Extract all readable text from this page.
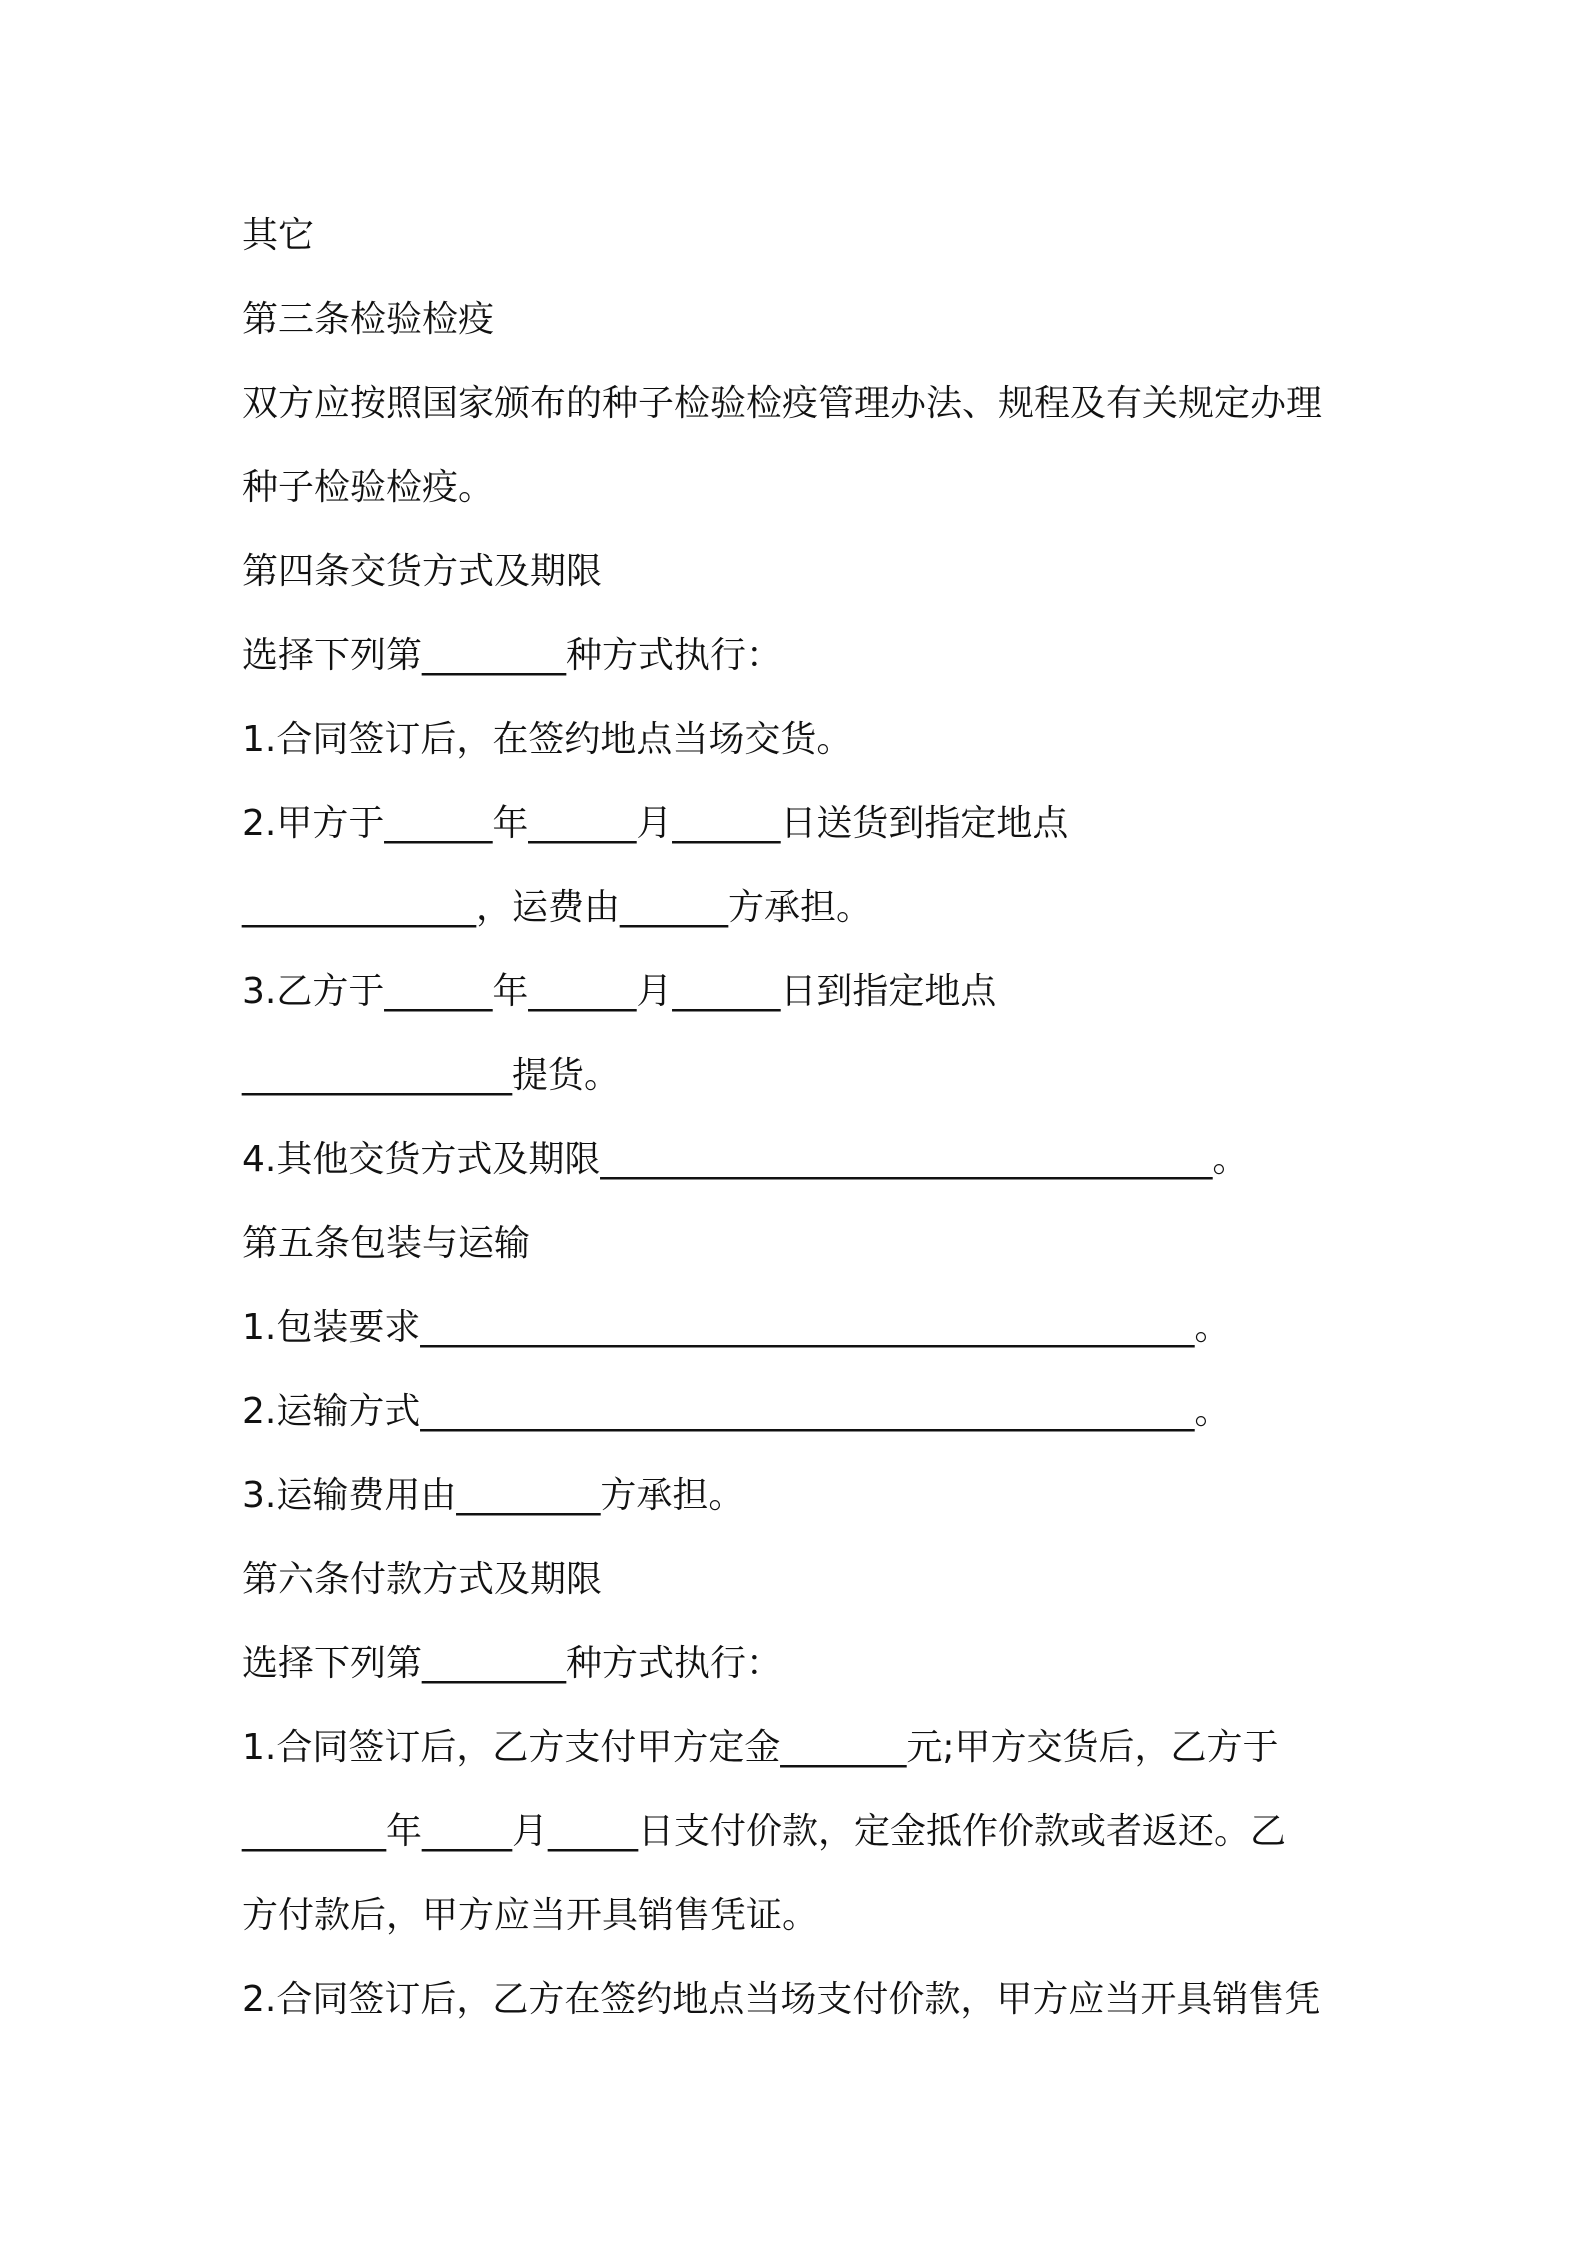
其它
第三条检验检疫
双方应按照国家颁布的种子检验检疫管理办法、规程及有关规定办理
种子检验检疫。
第四条交货方式及期限
选择下列第________种方式执行：
1.合同签订后，在签约地点当场交货。
2.甲方于______年______月______日送货到指定地点
_____________，运费由______方承担。
3.乙方于______年______月______日到指定地点
_______________提货。
4.其他交货方式及期限__________________________________。
第五条包装与运输
1.包装要求___________________________________________。
2.运输方式___________________________________________。
3.运输费用由________方承担。
第六条付款方式及期限
选择下列第________种方式执行：
1.合同签订后，乙方支付甲方定金_______元;甲方交货后，乙方于
________年_____月_____日支付价款，定金抵作价款或者返还。乙
方付款后，甲方应当开具销售凭证。
2.合同签订后，乙方在签约地点当场支付价款，甲方应当开具销售凭
